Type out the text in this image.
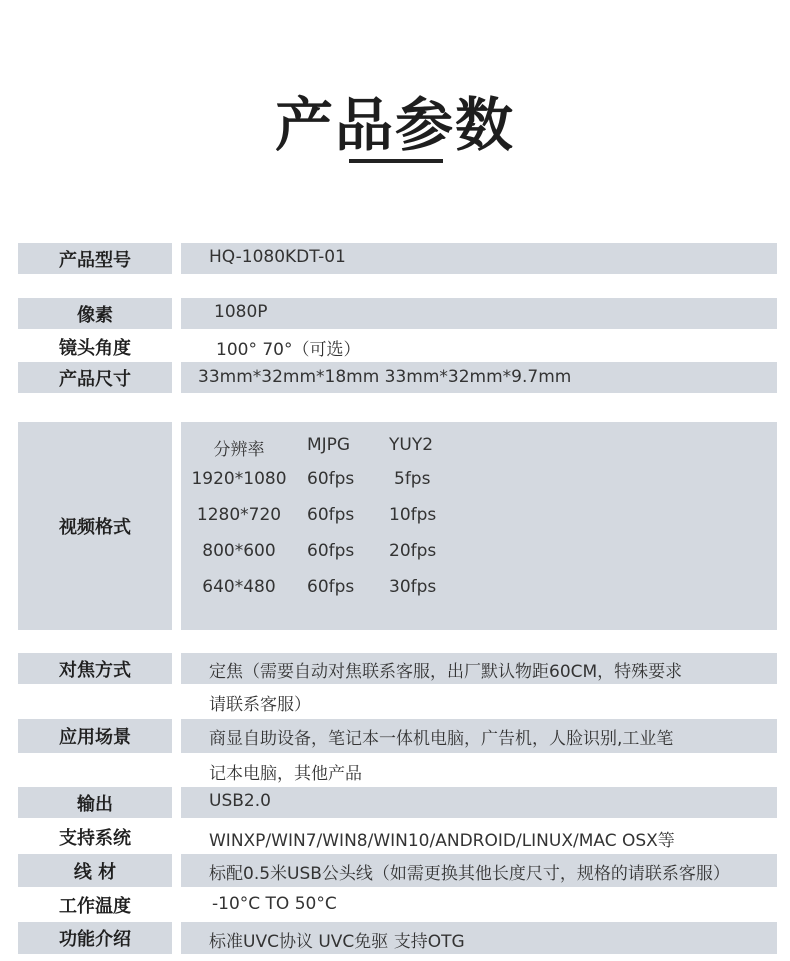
产品参数
产品型号	HQ-1080KDT-01
像素	1080P
镜头角度	100° 70°（可选）
产品尺寸	33mm*32mm*18mm 33mm*32mm*9.7mm
视频格式
分辨率	MJPG YUY2
1920*1080	60fps 5fps
1280*720	60fps 10fps
800*600	60fps 20fps
640*480	60fps 30fps
对焦方式	定焦（需要自动对焦联系客服，出厂默认物距60CM，特殊要求
请联系客服）
应用场景	商显自助设备，笔记本一体机电脑，广告机，人脸识别,工业笔
记本电脑，其他产品
输出	USB2.0
支持系统	WINXP/WIN7/WIN8/WIN10/ANDROID/LINUX/MAC OSX等
线 材	标配0.5米USB公头线（如需更换其他长度尺寸，规格的请联系客服）
工作温度	-10°C TO 50°C
功能介绍	标准UVC协议 UVC免驱 支持OTG
